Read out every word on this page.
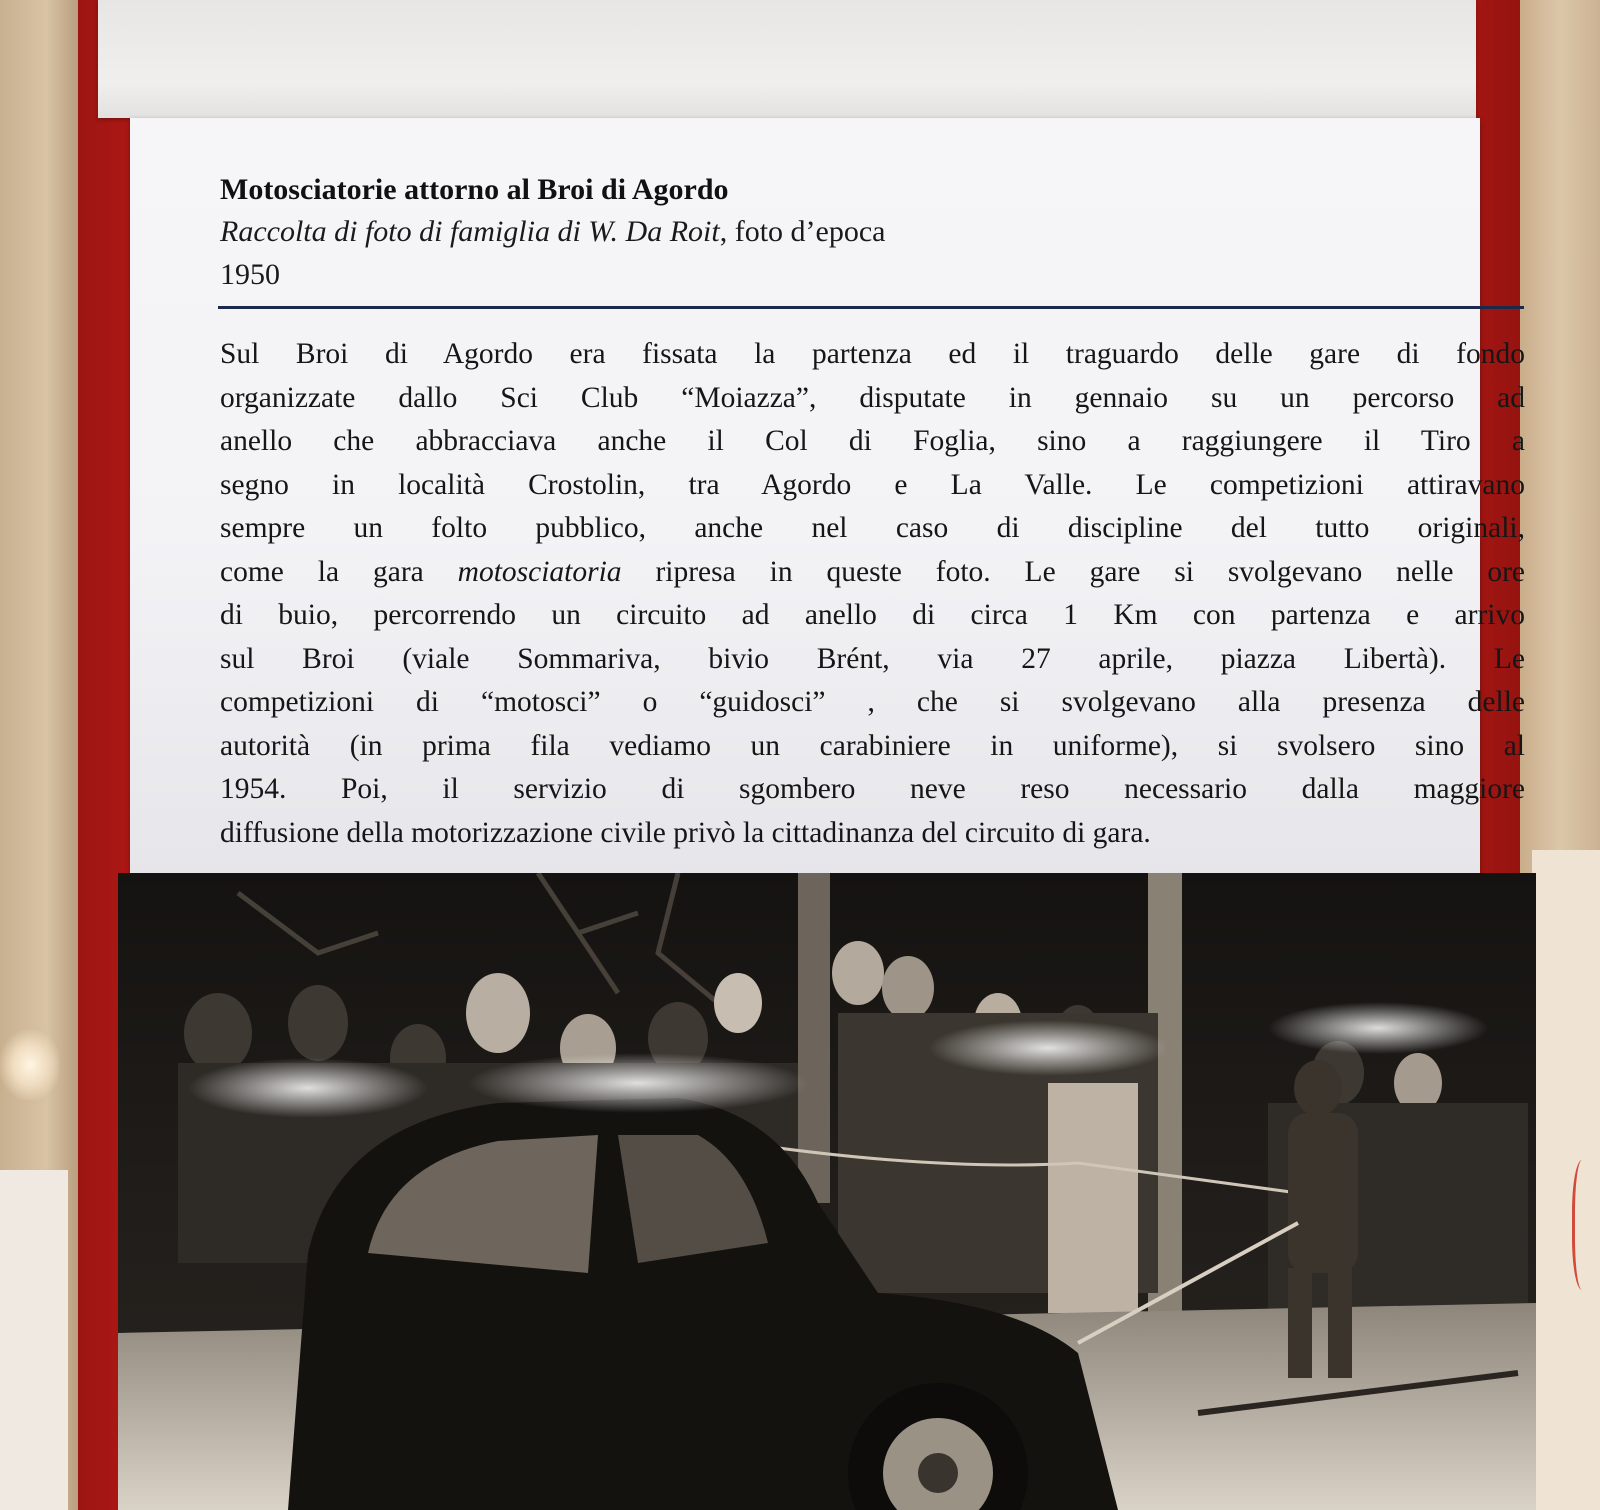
Motosciatorie attorno al Broi di Agordo

Raccolta di foto di famiglia di W. Da Roit, foto d’epoca

1950

Sul Broi di Agordo era fissata la partenza ed il traguardo delle gare di fondo
organizzate dallo Sci Club “Moiazza”, disputate in gennaio su un percorso ad
anello che abbracciava anche il Col di Foglia, sino a raggiungere il Tiro a
segno in località Crostolin, tra Agordo e La Valle. Le competizioni attiravano
sempre un folto pubblico, anche nel caso di discipline del tutto originali,
come la gara motosciatoria ripresa in queste foto. Le gare si svolgevano nelle ore
di buio, percorrendo un circuito ad anello di circa 1 Km con partenza e arrivo
sul Broi (viale Sommariva, bivio Brént, via 27 aprile, piazza Libertà). Le
competizioni di “motosci” o “guidosci” , che si svolgevano alla presenza delle
autorità (in prima fila vediamo un carabiniere in uniforme), si svolsero sino al
1954. Poi, il servizio di sgombero neve reso necessario dalla maggiore
diffusione della motorizzazione civile privò la cittadinanza del circuito di gara.
